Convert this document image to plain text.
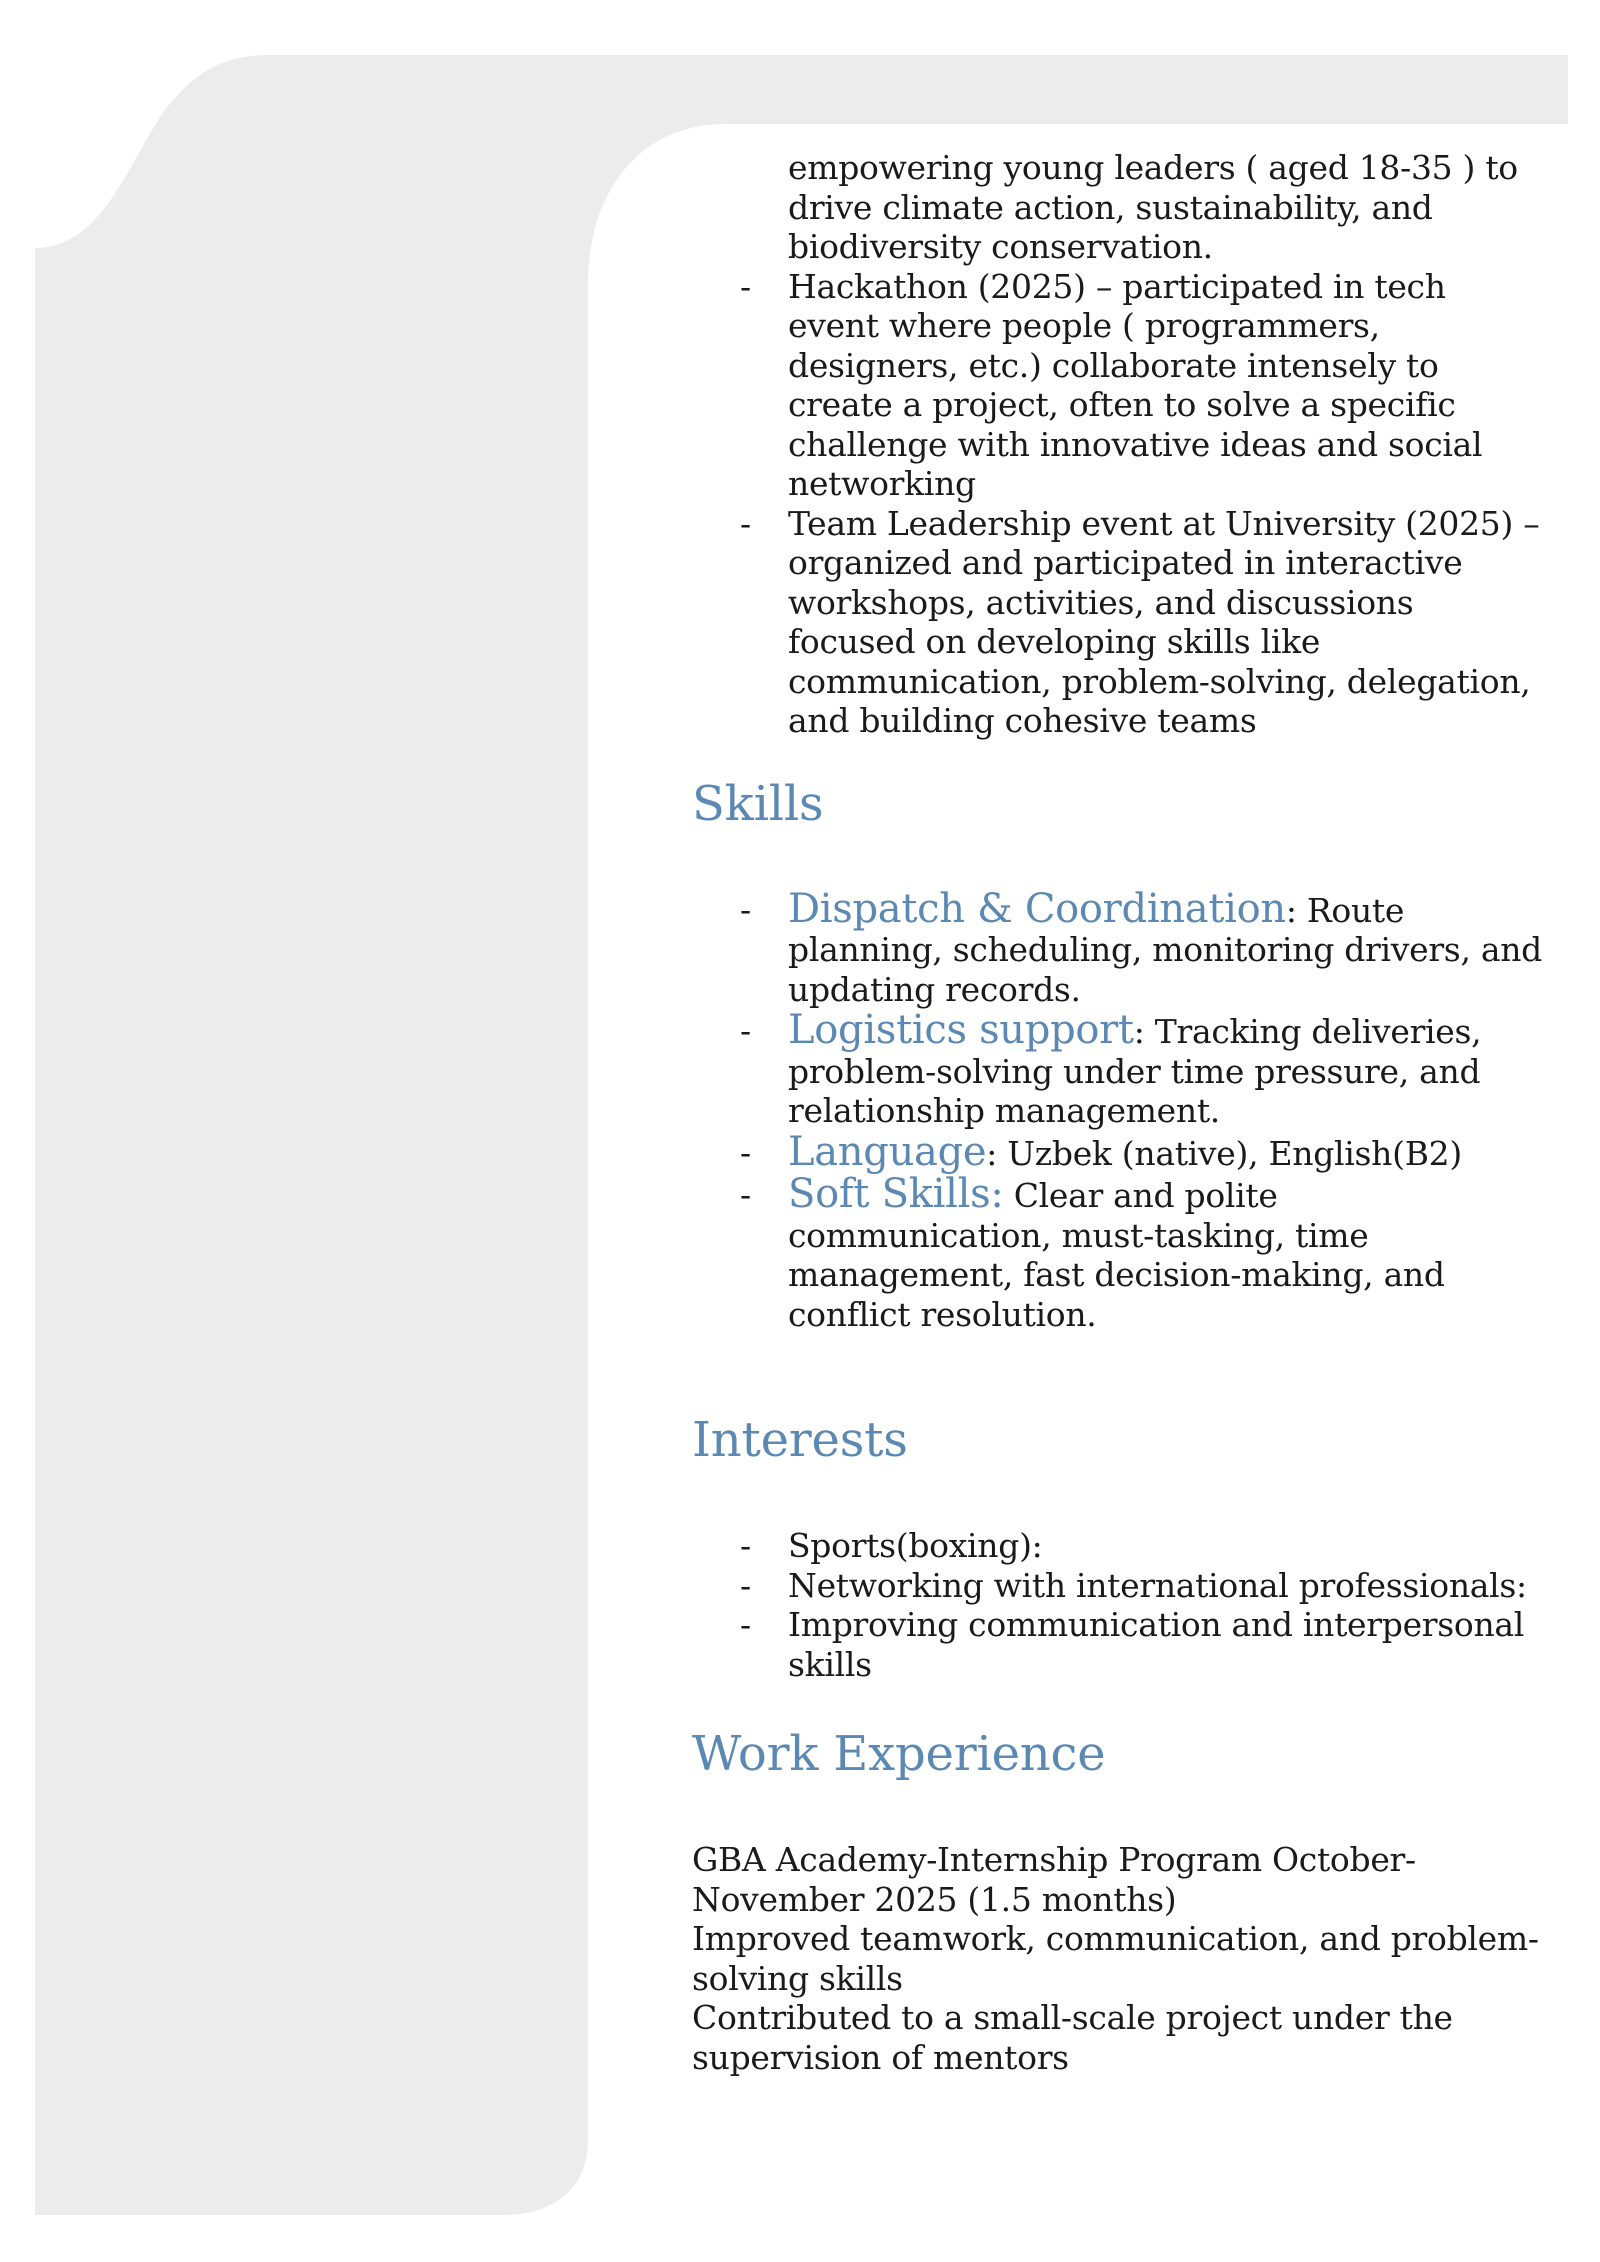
empowering young leaders ( aged 18-35 ) to drive climate action, sustainability, and biodiversity conservation.

- Hackathon (2025) – participated in tech event where people ( programmers, designers, etc.) collaborate intensely to create a project, often to solve a specific challenge with innovative ideas and social networking
- Team Leadership event at University (2025) – organized and participated in interactive workshops, activities, and discussions focused on developing skills like communication, problem-solving, delegation, and building cohesive teams
Skills
- Dispatch & Coordination: Route planning, scheduling, monitoring drivers, and updating records.
- Logistics support: Tracking deliveries, problem-solving under time pressure, and relationship management.
- Language: Uzbek (native), English(B2)
- Soft Skills: Clear and polite communication, must-tasking, time management, fast decision-making, and conflict resolution.
Interests
- Sports(boxing):
- Networking with international professionals:
- Improving communication and interpersonal skills
Work Experience

GBA Academy-Internship Program October-November 2025 (1.5 months)

Improved teamwork, communication, and problem-solving skills

Contributed to a small-scale project under the supervision of mentors
